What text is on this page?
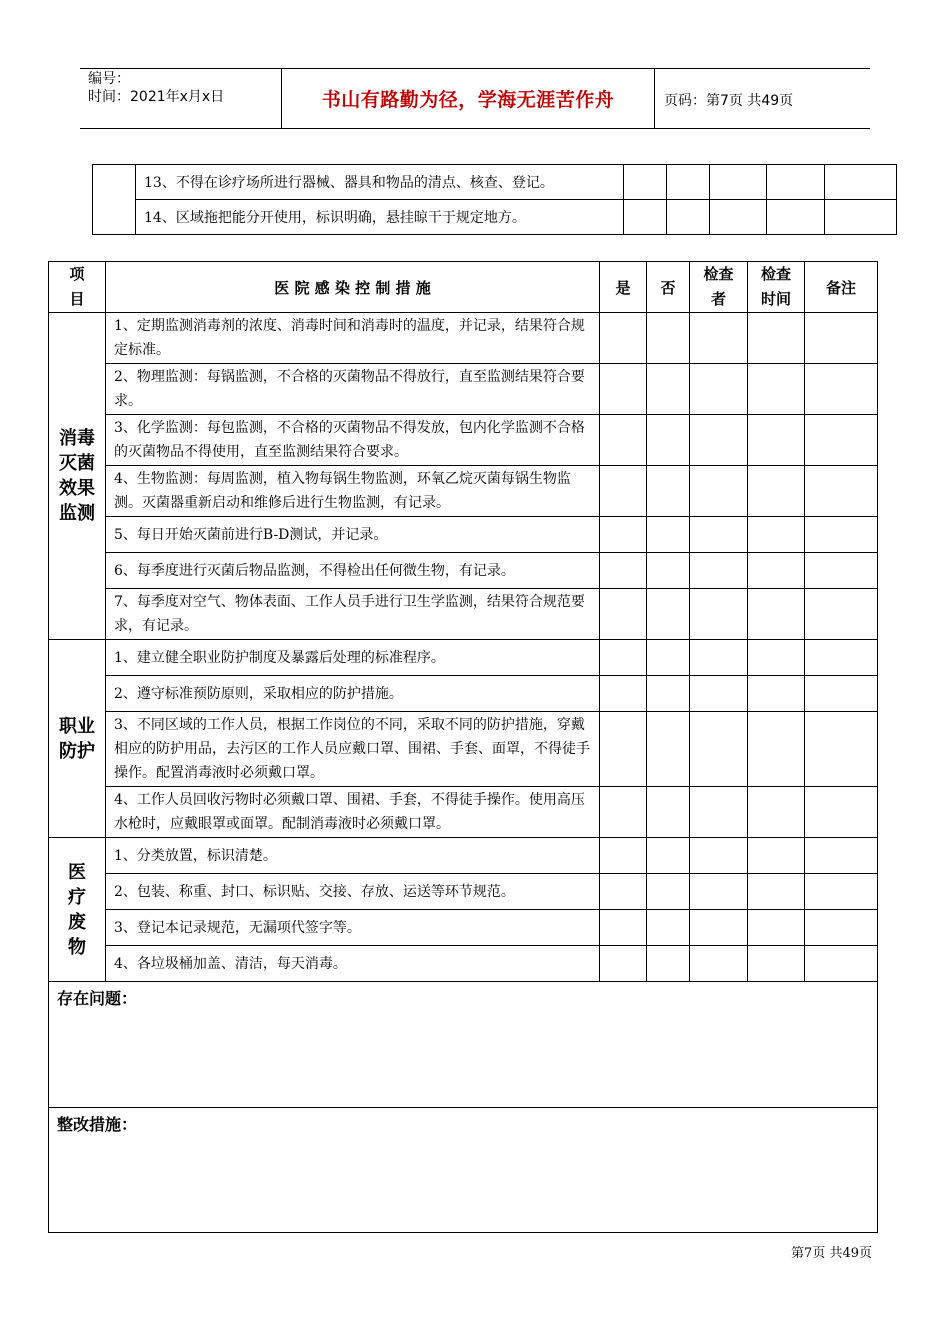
编号：
时间：2021年x月x日	书山有路勤为径，学海无涯苦作舟	页码：第7页 共49页
	13、不得在诊疗场所进行器械、器具和物品的清点、核查、登记。					
	14、区域拖把能分开使用，标识明确，悬挂晾干于规定地方。					
项 目	医 院 感 染 控 制 措 施	是	否	检查者	检查时间	备注
消毒灭菌效果监测	1、定期监测消毒剂的浓度、消毒时间和消毒时的温度，并记录，结果符合规定标准。					
	2、物理监测：每锅监测，不合格的灭菌物品不得放行，直至监测结果符合要求。					
	3、化学监测：每包监测，不合格的灭菌物品不得发放，包内化学监测不合格的灭菌物品不得使用，直至监测结果符合要求。					
	4、生物监测：每周监测，植入物每锅生物监测，环氧乙烷灭菌每锅生物监测。灭菌器重新启动和维修后进行生物监测，有记录。					
	5、每日开始灭菌前进行B-D测试，并记录。					
	6、每季度进行灭菌后物品监测，不得检出任何微生物，有记录。					
	7、每季度对空气、物体表面、工作人员手进行卫生学监测，结果符合规范要求，有记录。					
职业防护	1、建立健全职业防护制度及暴露后处理的标准程序。					
	2、遵守标准预防原则，采取相应的防护措施。					
	3、不同区域的工作人员，根据工作岗位的不同，采取不同的防护措施，穿戴相应的防护用品，去污区的工作人员应戴口罩、围裙、手套、面罩，不得徒手操作。配置消毒液时必须戴口罩。					
	4、工作人员回收污物时必须戴口罩、围裙、手套，不得徒手操作。使用高压水枪时，应戴眼罩或面罩。配制消毒液时必须戴口罩。					
医疗废物	1、分类放置，标识清楚。					
	2、包装、称重、封口、标识贴、交接、存放、运送等环节规范。					
	3、登记本记录规范，无漏项代签字等。					
	4、各垃圾桶加盖、清洁，每天消毒。					
存在问题：						
整改措施：						
第7页 共49页
